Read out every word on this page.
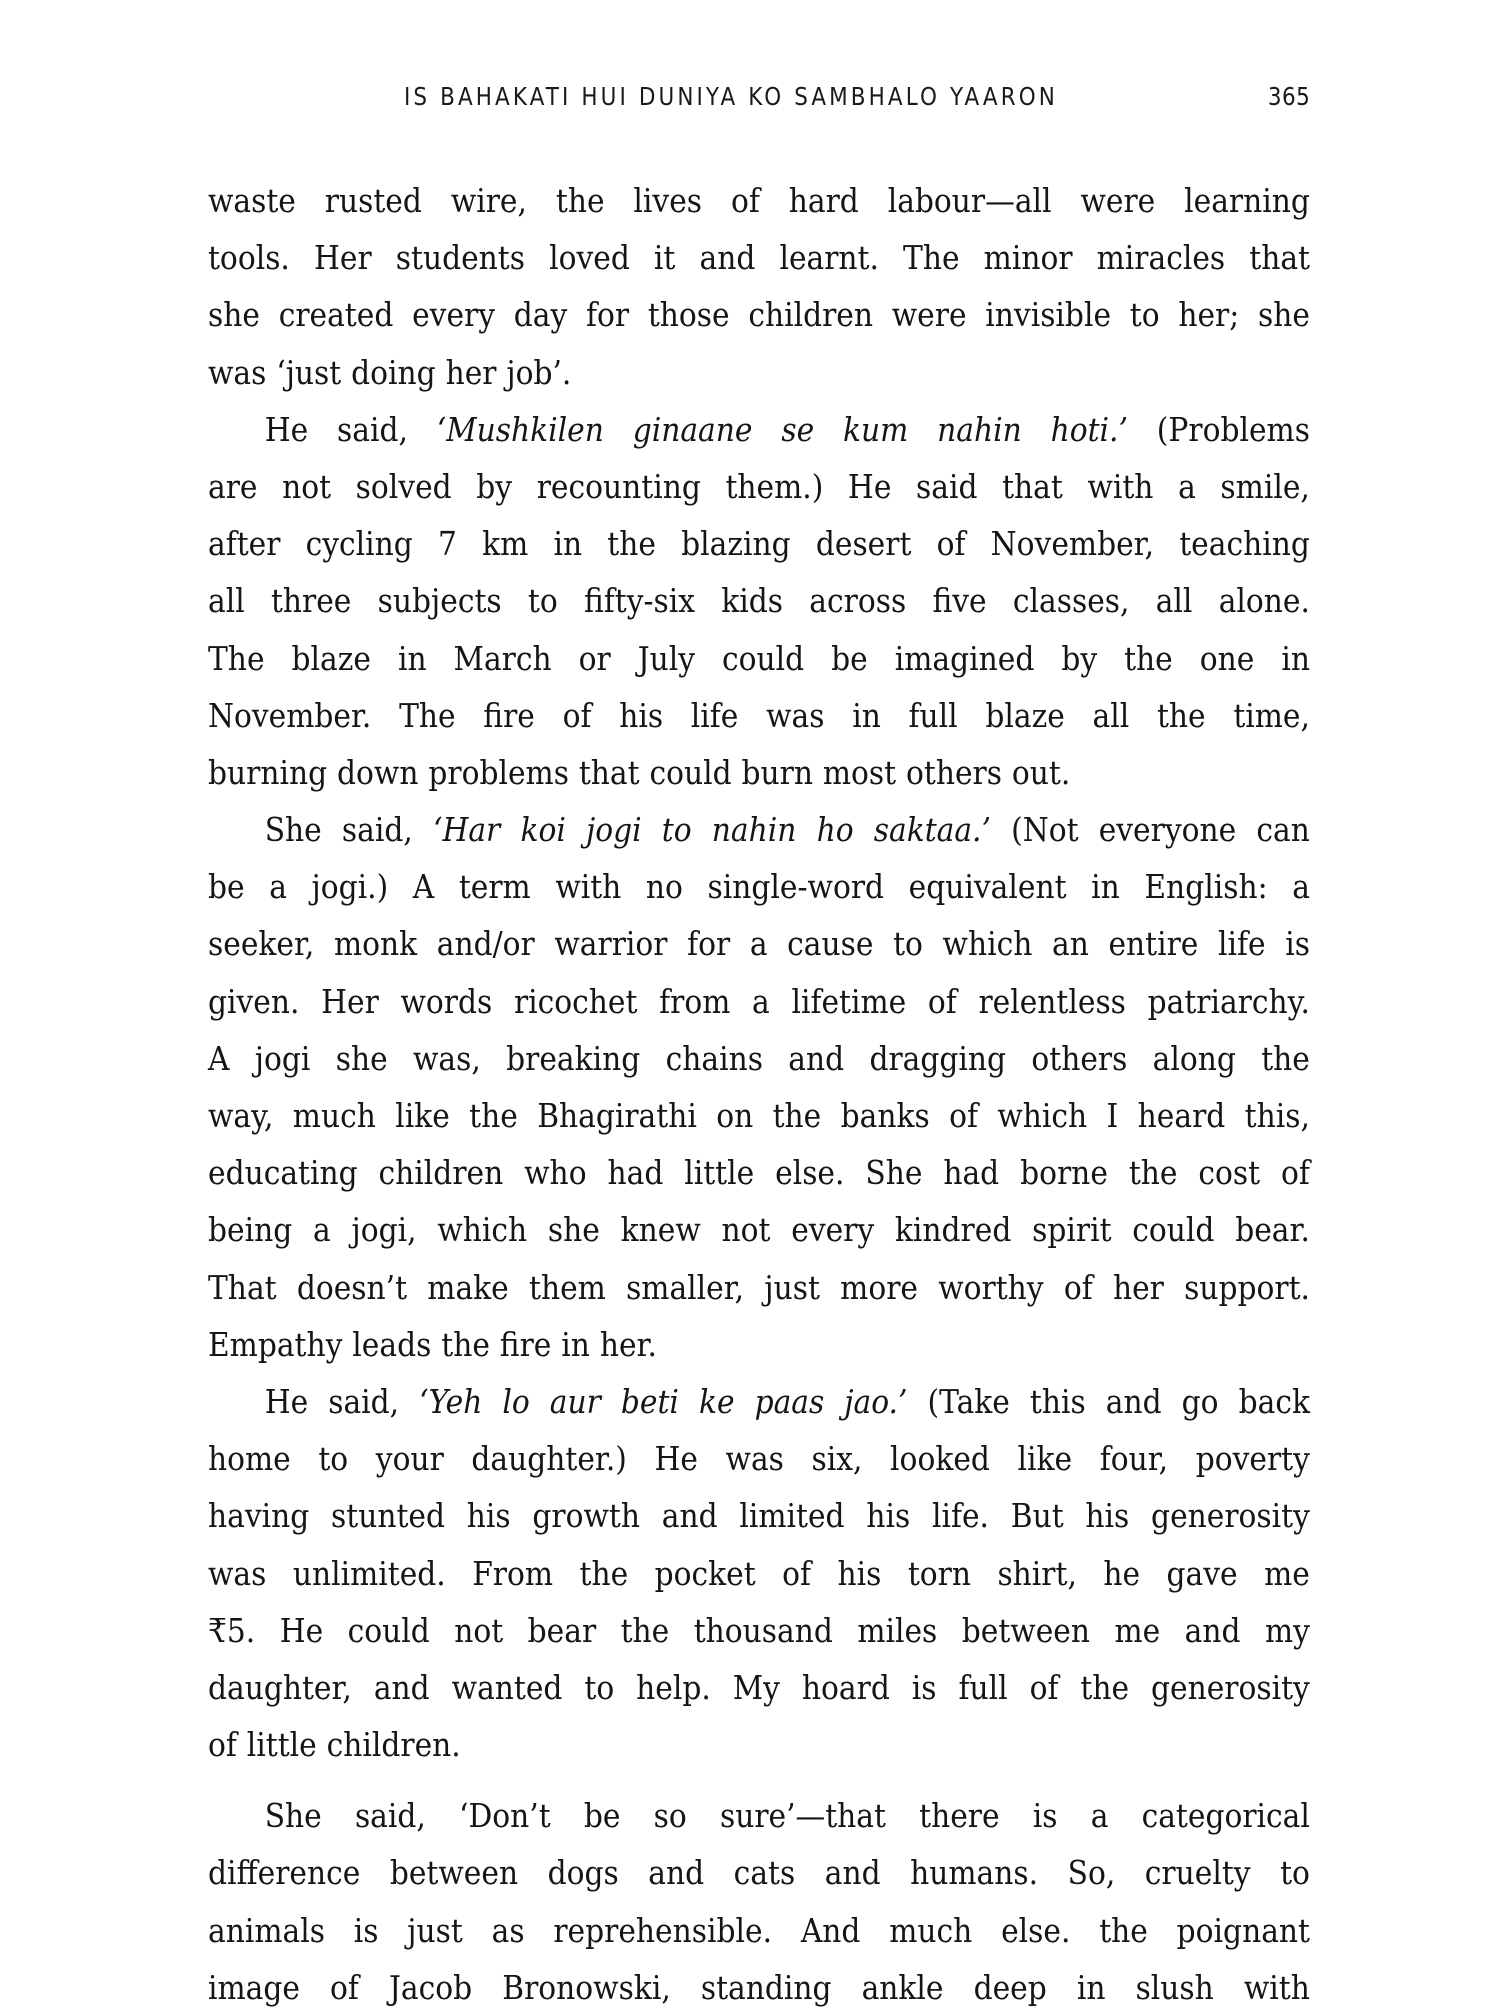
IS BAHAKATI HUI DUNIYA KO SAMBHALO YAARON	365
waste rusted wire, the lives of hard labour—all were learning
tools. Her students loved it and learnt. The minor miracles that
she created every day for those children were invisible to her; she
was ‘just doing her job’.
He said, ‘Mushkilen ginaane se kum nahin hoti.’ (Problems
are not solved by recounting them.) He said that with a smile,
after cycling 7 km in the blazing desert of November, teaching
all three subjects to fifty-six kids across five classes, all alone.
The blaze in March or July could be imagined by the one in
November. The fire of his life was in full blaze all the time,
burning down problems that could burn most others out.
She said, ‘Har koi jogi to nahin ho saktaa.’ (Not everyone can
be a jogi.) A term with no single-word equivalent in English: a
seeker, monk and/or warrior for a cause to which an entire life is
given. Her words ricochet from a lifetime of relentless patriarchy.
A jogi she was, breaking chains and dragging others along the
way, much like the Bhagirathi on the banks of which I heard this,
educating children who had little else. She had borne the cost of
being a jogi, which she knew not every kindred spirit could bear.
That doesn’t make them smaller, just more worthy of her support.
Empathy leads the fire in her.
He said, ‘Yeh lo aur beti ke paas jao.’ (Take this and go back
home to your daughter.) He was six, looked like four, poverty
having stunted his growth and limited his life. But his generosity
was unlimited. From the pocket of his torn shirt, he gave me
₹5. He could not bear the thousand miles between me and my
daughter, and wanted to help. My hoard is full of the generosity
of little children.
She said, ‘Don’t be so sure’—that there is a categorical
difference between dogs and cats and humans. So, cruelty to
animals is just as reprehensible. And much else. the poignant
image of Jacob Bronowski, standing ankle deep in slush with
